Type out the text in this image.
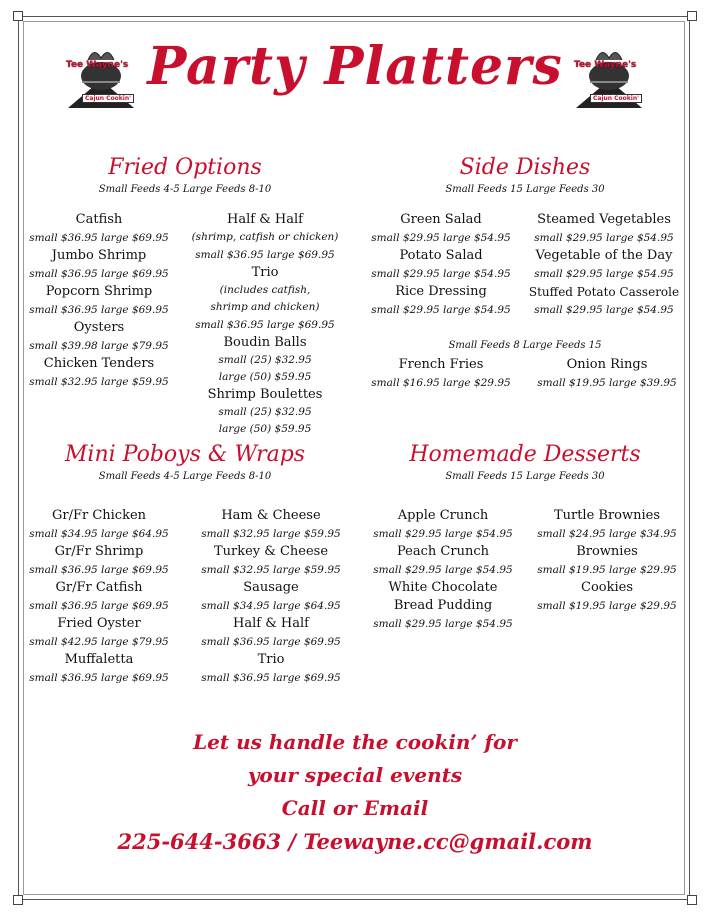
Tee Wayne's
Cajun Cookin'
Tee Wayne's
Cajun Cookin'
Party Platters
Fried Options
Small Feeds 4-5 Large Feeds 8-10
Catfish
small $36.95 large $69.95
Jumbo Shrimp
small $36.95 large $69.95
Popcorn Shrimp
small $36.95 large $69.95
Oysters
small $39.98 large $79.95
Chicken Tenders
small $32.95 large $59.95
Half & Half
(shrimp, catfish or chicken)
small $36.95 large $69.95
Trio
(includes catfish,
shrimp and chicken)
small $36.95 large $69.95
Boudin Balls
small (25) $32.95
large (50) $59.95
Shrimp Boulettes
small (25) $32.95
large (50) $59.95
Side Dishes
Small Feeds 15 Large Feeds 30
Green Salad
small $29.95 large $54.95
Potato Salad
small $29.95 large $54.95
Rice Dressing
small $29.95 large $54.95
Steamed Vegetables
small $29.95 large $54.95
Vegetable of the Day
small $29.95 large $54.95
Stuffed Potato Casserole
small $29.95 large $54.95
Small Feeds 8 Large Feeds 15
French Fries
small $16.95 large $29.95
Onion Rings
small $19.95 large $39.95
Mini Poboys & Wraps
Small Feeds 4-5 Large Feeds 8-10
Gr/Fr Chicken
small $34.95 large $64.95
Gr/Fr Shrimp
small $36.95 large $69.95
Gr/Fr Catfish
small $36.95 large $69.95
Fried Oyster
small $42.95 large $79.95
Muffaletta
small $36.95 large $69.95
Ham & Cheese
small $32.95 large $59.95
Turkey & Cheese
small $32.95 large $59.95
Sausage
small $34.95 large $64.95
Half & Half
small $36.95 large $69.95
Trio
small $36.95 large $69.95
Homemade Desserts
Small Feeds 15 Large Feeds 30
Apple Crunch
small $29.95 large $54.95
Peach Crunch
small $29.95 large $54.95
White Chocolate
Bread Pudding
small $29.95 large $54.95
Turtle Brownies
small $24.95 large $34.95
Brownies
small $19.95 large $29.95
Cookies
small $19.95 large $29.95
Let us handle the cookin’ for
your special events
Call or Email
225-644-3663 / Teewayne.cc@gmail.com
